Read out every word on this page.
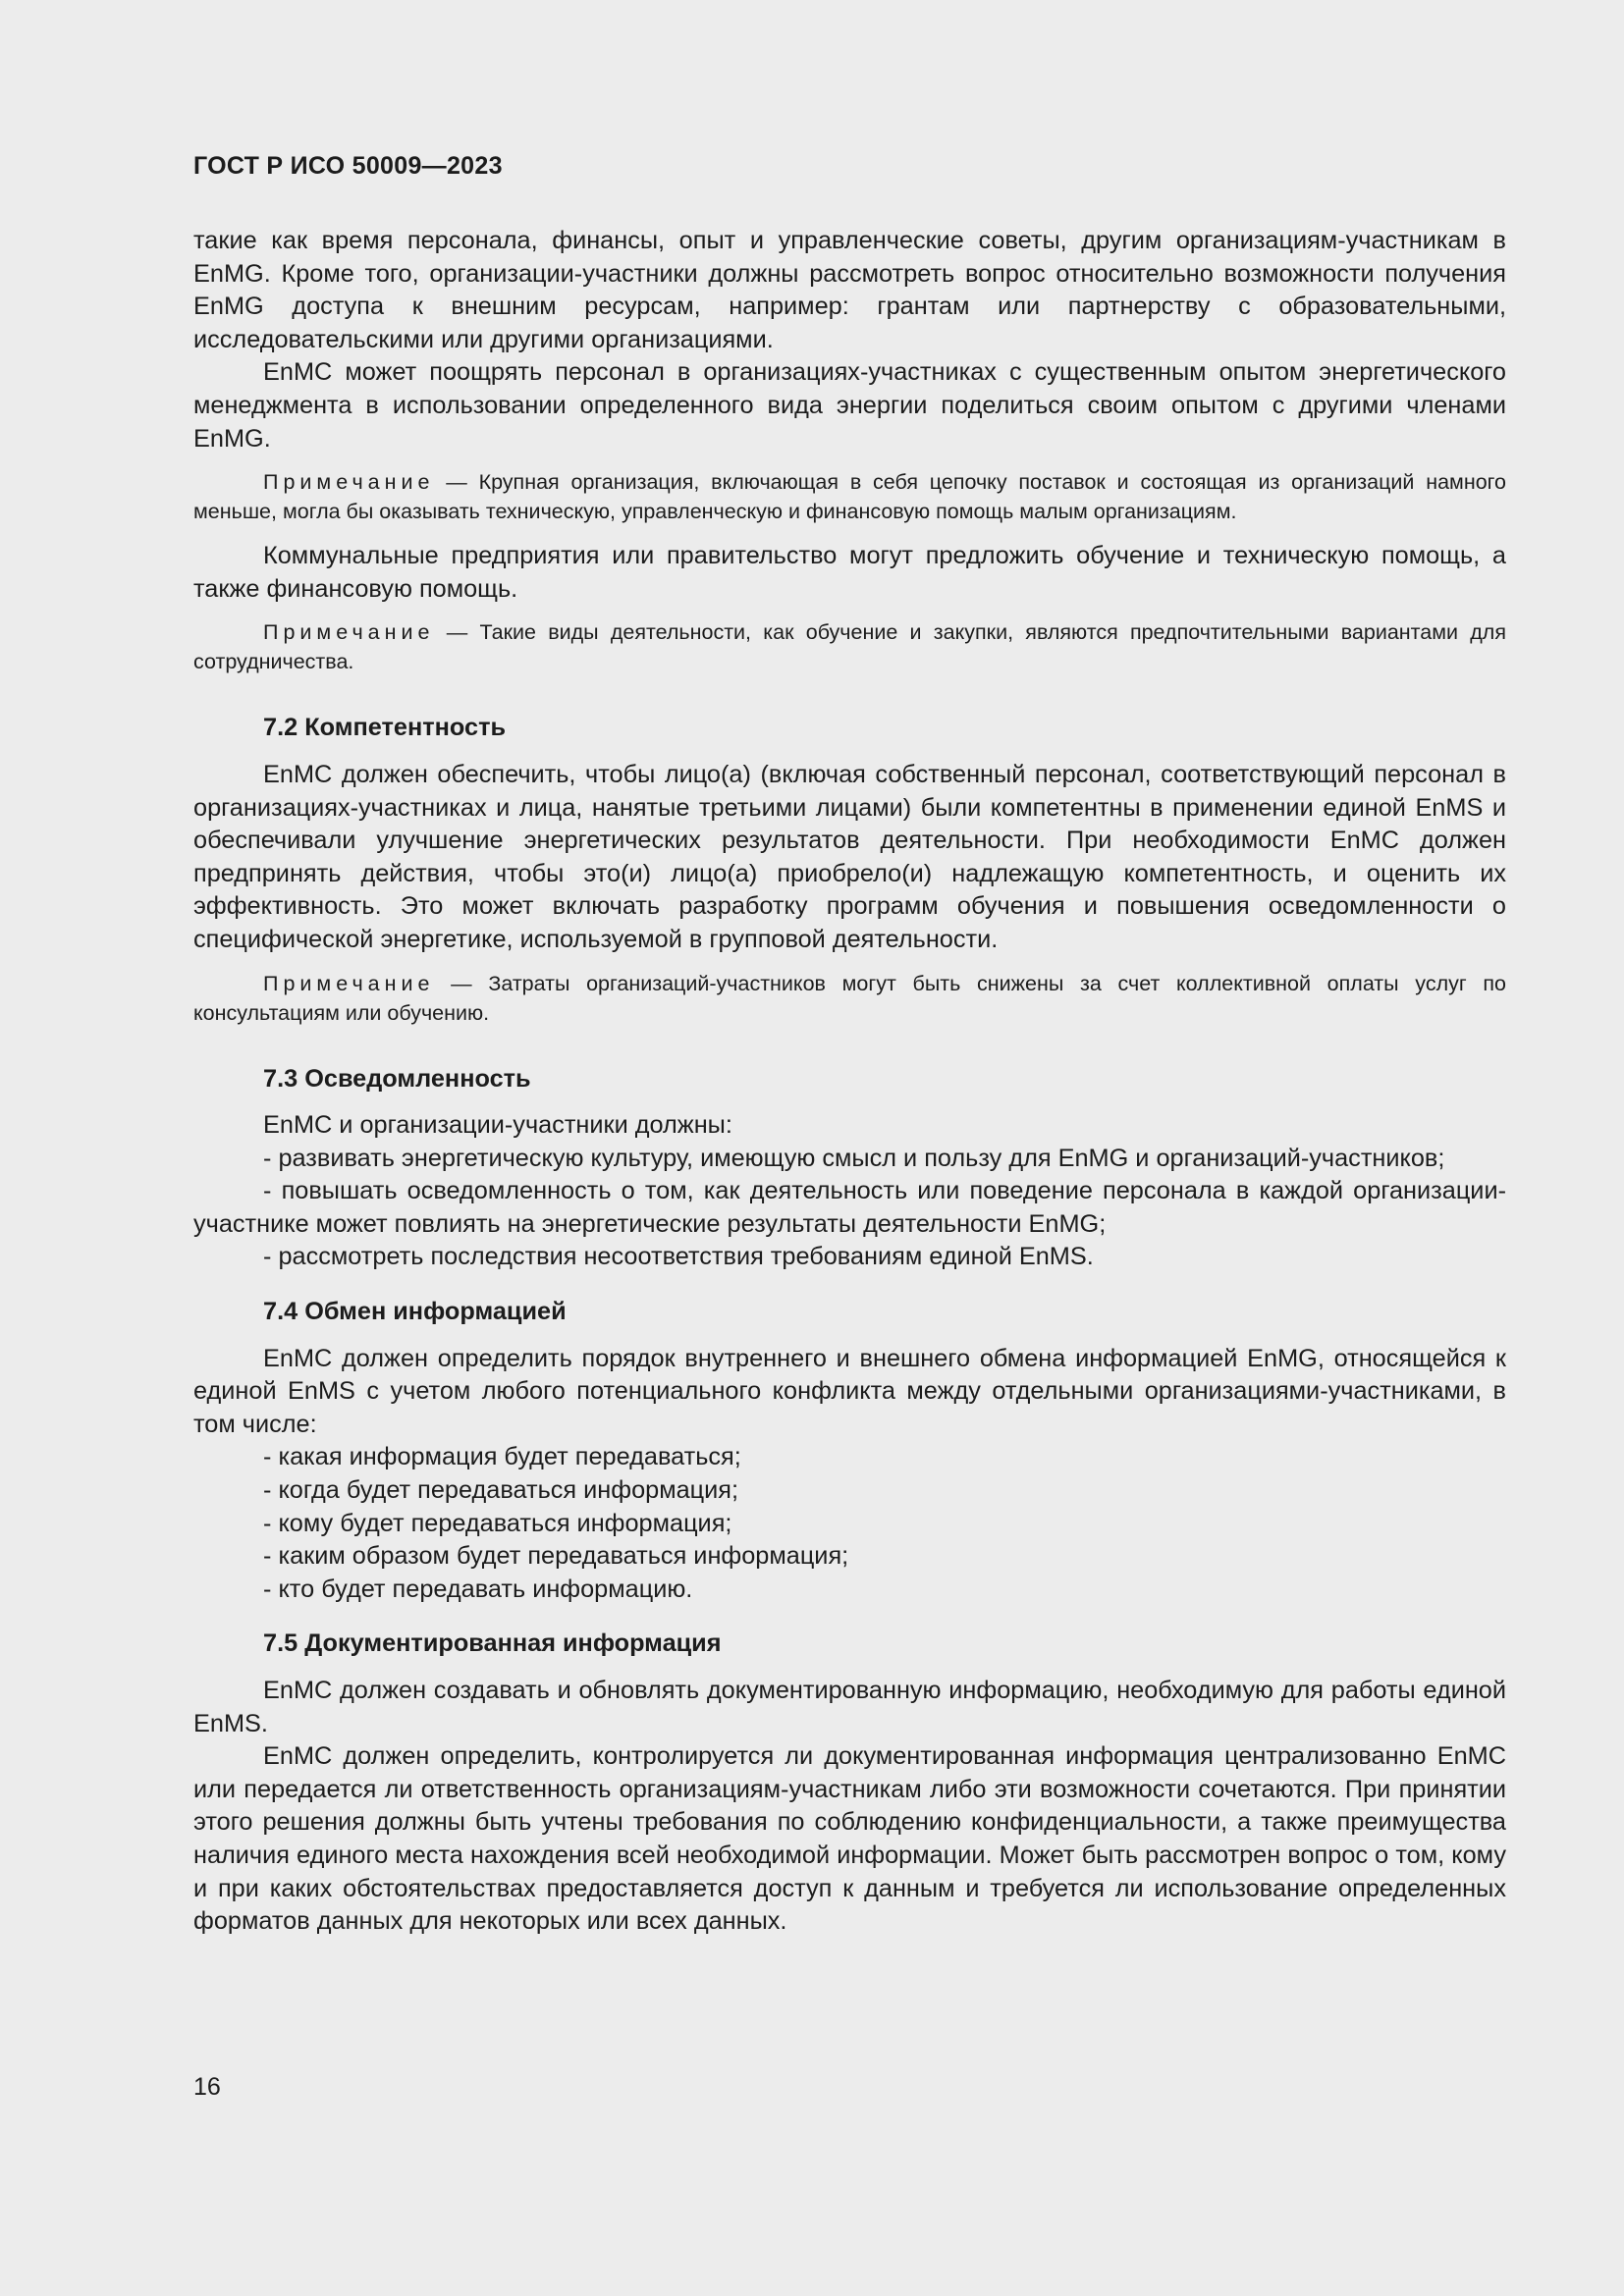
ГОСТ Р ИСО 50009—2023

такие как время персонала, финансы, опыт и управленческие советы, другим организациям-участникам в EnMG. Кроме того, организации-участники должны рассмотреть вопрос относительно возможности получения EnMG доступа к внешним ресурсам, например: грантам или партнерству с образовательными, исследовательскими или другими организациями.

EnMC может поощрять персонал в организациях-участниках с существенным опытом энергетического менеджмента в использовании определенного вида энергии поделиться своим опытом с другими членами EnMG.

Примечание — Крупная организация, включающая в себя цепочку поставок и состоящая из организаций намного меньше, могла бы оказывать техническую, управленческую и финансовую помощь малым организациям.

Коммунальные предприятия или правительство могут предложить обучение и техническую помощь, а также финансовую помощь.

Примечание — Такие виды деятельности, как обучение и закупки, являются предпочтительными вариантами для сотрудничества.

7.2 Компетентность

EnMC должен обеспечить, чтобы лицо(а) (включая собственный персонал, соответствующий персонал в организациях-участниках и лица, нанятые третьими лицами) были компетентны в применении единой EnMS и обеспечивали улучшение энергетических результатов деятельности. При необходимости EnMC должен предпринять действия, чтобы это(и) лицо(а) приобрело(и) надлежащую компетентность, и оценить их эффективность. Это может включать разработку программ обучения и повышения осведомленности о специфической энергетике, используемой в групповой деятельности.

Примечание — Затраты организаций-участников могут быть снижены за счет коллективной оплаты услуг по консультациям или обучению.

7.3 Осведомленность

EnMC и организации-участники должны:

- развивать энергетическую культуру, имеющую смысл и пользу для EnMG и организаций-участников;

- повышать осведомленность о том, как деятельность или поведение персонала в каждой организации-участнике может повлиять на энергетические результаты деятельности EnMG;

- рассмотреть последствия несоответствия требованиям единой EnMS.

7.4 Обмен информацией

EnMC должен определить порядок внутреннего и внешнего обмена информацией EnMG, относящейся к единой EnMS с учетом любого потенциального конфликта между отдельными организациями-участниками, в том числе:

- какая информация будет передаваться;

- когда будет передаваться информация;

- кому будет передаваться информация;

- каким образом будет передаваться информация;

- кто будет передавать информацию.

7.5 Документированная информация

EnMC должен создавать и обновлять документированную информацию, необходимую для работы единой EnMS.

EnMC должен определить, контролируется ли документированная информация централизованно EnMC или передается ли ответственность организациям-участникам либо эти возможности сочетаются. При принятии этого решения должны быть учтены требования по соблюдению конфиденциальности, а также преимущества наличия единого места нахождения всей необходимой информации. Может быть рассмотрен вопрос о том, кому и при каких обстоятельствах предоставляется доступ к данным и требуется ли использование определенных форматов данных для некоторых или всех данных.

16
